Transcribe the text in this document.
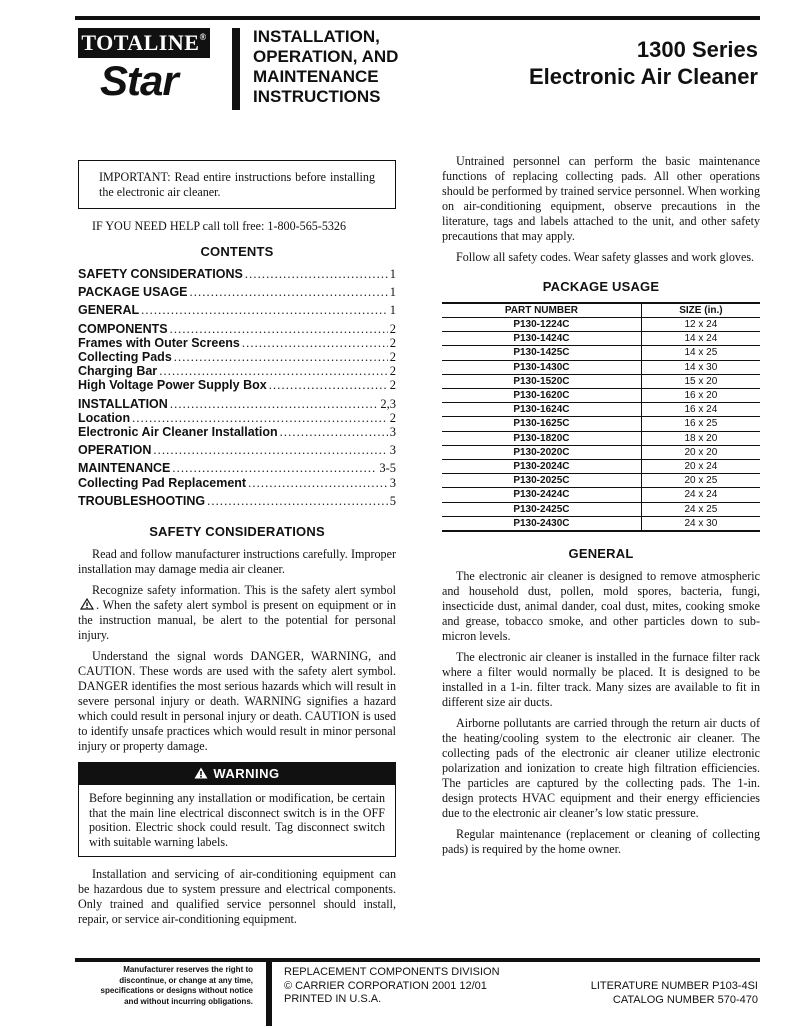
TOTALINE®
Star
INSTALLATION,
OPERATION, AND
MAINTENANCE
INSTRUCTIONS
1300 Series
Electronic Air Cleaner
IMPORTANT: Read entire instructions before installing the electronic air cleaner.
IF YOU NEED HELP call toll free: 1-800-565-5326
CONTENTS
SAFETY CONSIDERATIONS . . .	1
PACKAGE USAGE . . .	1
GENERAL . . .	1
COMPONENTS . . .	2
Frames with Outer Screens . . .	2
Collecting Pads . . .	2
Charging Bar . . .	2
High Voltage Power Supply Box . . .	2
INSTALLATION . . .	2,3
Location . . .	2
Electronic Air Cleaner Installation . . .	3
OPERATION . . .	3
MAINTENANCE . . .	3-5
Collecting Pad Replacement . . .	3
TROUBLESHOOTING . . .	5
SAFETY CONSIDERATIONS

Read and follow manufacturer instructions carefully. Improper installation may damage media air cleaner.

Recognize safety information. This is the safety alert symbol . When the safety alert symbol is present on equipment or in the instruction manual, be alert to the potential for personal injury.

Understand the signal words DANGER, WARNING, and CAUTION. These words are used with the safety alert symbol. DANGER identifies the most serious hazards which will result in severe personal injury or death. WARNING signifies a hazard which could result in personal injury or death. CAUTION is used to identify unsafe practices which would result in minor personal injury or property damage.

WARNING
Before beginning any installation or modification, be certain that the main line electrical disconnect switch is in the OFF position. Electric shock could result. Tag disconnect switch with suitable warning labels.

Installation and servicing of air-conditioning equipment can be hazardous due to system pressure and electrical components. Only trained and qualified service personnel should install, repair, or service air-conditioning equipment.

Untrained personnel can perform the basic maintenance functions of replacing collecting pads. All other operations should be performed by trained service personnel. When working on air-conditioning equipment, observe precautions in the literature, tags and labels attached to the unit, and other safety precautions that may apply.

Follow all safety codes. Wear safety glasses and work gloves.

PACKAGE USAGE
PART NUMBER	SIZE (in.)
P130-1224C	12 x 24
P130-1424C	14 x 24
P130-1425C	14 x 25
P130-1430C	14 x 30
P130-1520C	15 x 20
P130-1620C	16 x 20
P130-1624C	16 x 24
P130-1625C	16 x 25
P130-1820C	18 x 20
P130-2020C	20 x 20
P130-2024C	20 x 24
P130-2025C	20 x 25
P130-2424C	24 x 24
P130-2425C	24 x 25
P130-2430C	24 x 30
GENERAL

The electronic air cleaner is designed to remove atmospheric and household dust, pollen, mold spores, bacteria, fungi, insecticide dust, animal dander, coal dust, mites, cooking smoke and grease, tobacco smoke, and other particles down to sub-micron levels.

The electronic air cleaner is installed in the furnace filter rack where a filter would normally be placed. It is designed to be installed in a 1-in. filter track. Many sizes are available to fit in different size air ducts.

Airborne pollutants are carried through the return air ducts of the heating/cooling system to the electronic air cleaner. The collecting pads of the electronic air cleaner utilize electronic polarization and ionization to create high filtration efficiencies. The particles are captured by the collecting pads. The 1-in. design protects HVAC equipment and their energy efficiencies due to the electronic air cleaner’s low static pressure.

Regular maintenance (replacement or cleaning of collecting pads) is required by the home owner.

Manufacturer reserves the right to
discontinue, or change at any time,
specifications or designs without notice
and without incurring obligations.
REPLACEMENT COMPONENTS DIVISION
© CARRIER CORPORATION 2001 12/01
PRINTED IN U.S.A.
LITERATURE NUMBER P103-4SI
CATALOG NUMBER 570-470
